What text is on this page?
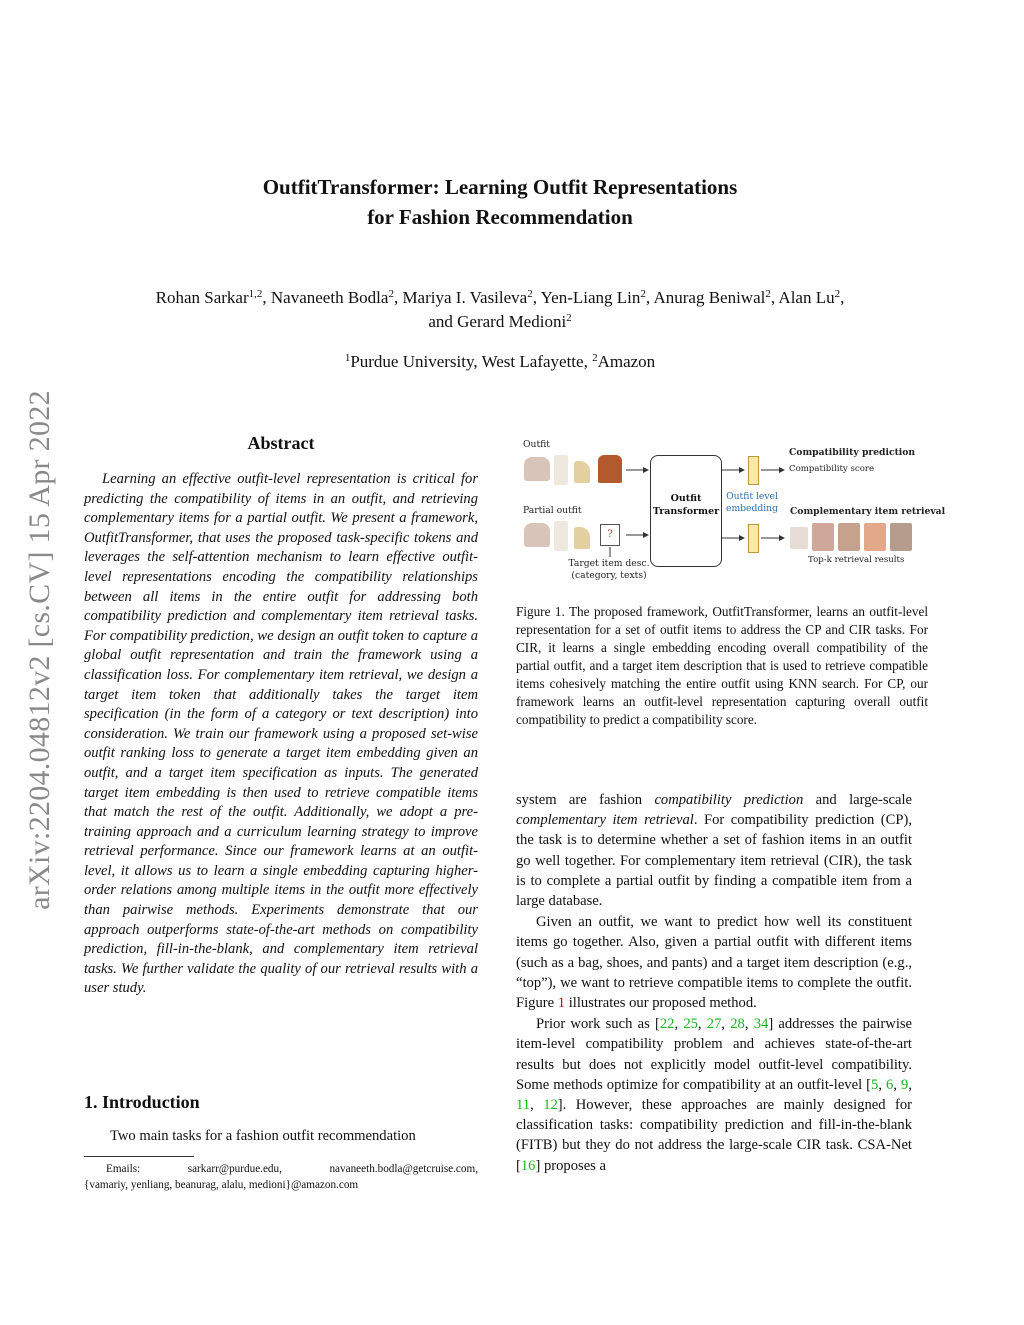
OutfitTransformer: Learning Outfit Representations
for Fashion Recommendation
Rohan Sarkar$^{1,2}$, Navaneeth Bodla$^2$, Mariya I. Vasileva$^2$, Yen-Liang Lin$^2$, Anurag Beniwal$^2$, Alan Lu$^2$,
and Gerard Medioni$^2$
$^1$Purdue University, West Lafayette, $^2$Amazon
arXiv:2204.04812v2 [cs.CV] 15 Apr 2022	Abstract
Learning an effective outfit-level representation is critical for predicting the compatibility of items in an outfit, and retrieving complementary items for a partial outfit. We present a framework, OutfitTransformer, that uses the proposed task-specific tokens and leverages the self-attention mechanism to learn effective outfit-level representations encoding the compatibility relationships between all items in the entire outfit for addressing both compatibility prediction and complementary item retrieval tasks. For compatibility prediction, we design an outfit token to capture a global outfit representation and train the framework using a classification loss. For complementary item retrieval, we design a target item token that additionally takes the target item specification (in the form of a category or text description) into consideration. We train our framework using a proposed set-wise outfit ranking loss to generate a target item embedding given an outfit, and a target item specification as inputs. The generated target item embedding is then used to retrieve compatible items that match the rest of the outfit. Additionally, we adopt a pre-training approach and a curriculum learning strategy to improve retrieval performance. Since our framework learns at an outfit-level, it allows us to learn a single embedding capturing higher-order relations among multiple items in the outfit more effectively than pairwise methods. Experiments demonstrate that our approach outperforms state-of-the-art methods on compatibility prediction, fill-in-the-blank, and complementary item retrieval tasks. We further validate the quality of our retrieval results with a user study.
1. Introduction
Two main tasks for a fashion outfit recommendation
Emails:	sarkarr@purdue.edu,	navaneeth.bodla@getcruise.com,
{vamariy, yenliang, beanurag, alalu, medioni}@amazon.com
Outfit
Partial outfit
?
Target item desc.
(category, texts)
Outfit
Transformer
Outfit level
embedding
Compatibility prediction
Compatibility score
Complementary item retrieval
Top-k retrieval results
Figure 1. The proposed framework, OutfitTransformer, learns an outfit-level representation for a set of outfit items to address the CP and CIR tasks. For CIR, it learns a single embedding encoding overall compatibility of the partial outfit, and a target item description that is used to retrieve compatible items cohesively matching the entire outfit using KNN search. For CP, our framework learns an outfit-level representation capturing overall outfit compatibility to predict a compatibility score.

system are fashion compatibility prediction and large-scale complementary item retrieval. For compatibility prediction (CP), the task is to determine whether a set of fashion items in an outfit go well together. For complementary item retrieval (CIR), the task is to complete a partial outfit by finding a compatible item from a large database.

Given an outfit, we want to predict how well its constituent items go together. Also, given a partial outfit with different items (such as a bag, shoes, and pants) and a target item description (e.g., “top”), we want to retrieve compatible items to complete the outfit. Figure 1 illustrates our proposed method.

Prior work such as [22, 25, 27, 28, 34] addresses the pairwise item-level compatibility problem and achieves state-of-the-art results but does not explicitly model outfit-level compatibility. Some methods optimize for compatibility at an outfit-level [5, 6, 9, 11, 12]. However, these approaches are mainly designed for classification tasks: compatibility prediction and fill-in-the-blank (FITB) but they do not address the large-scale CIR task. CSA-Net [16] proposes a
